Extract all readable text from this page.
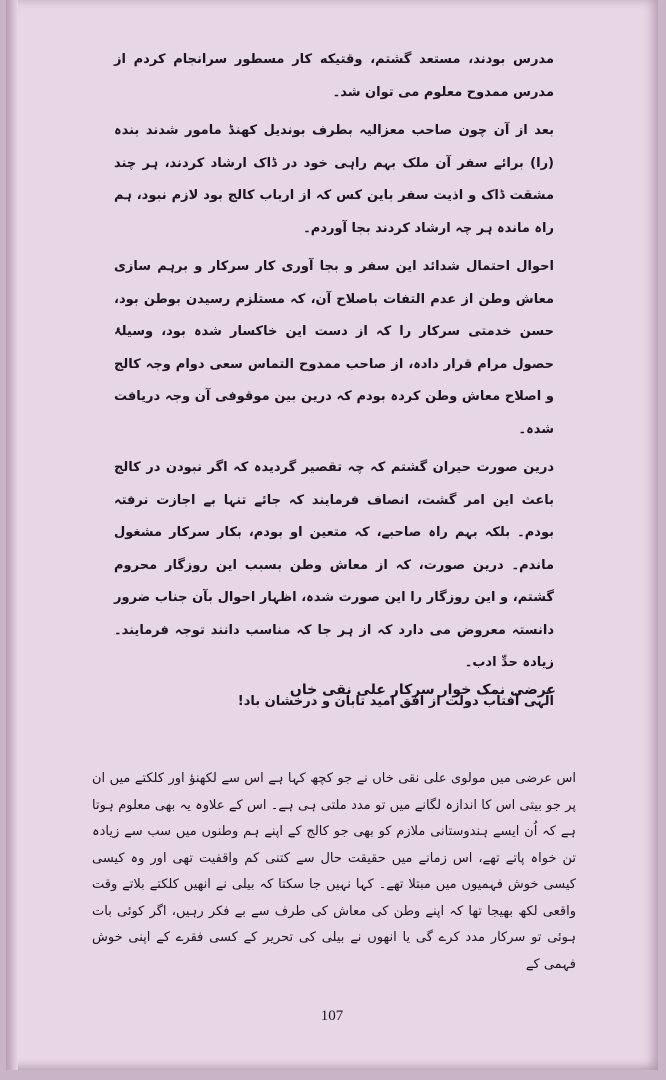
مدرس بودند، مستعد گشتم، وقتیکه کار مسطور سرانجام کردم از مدرس ممدوح معلوم می توان شد۔

بعد از آن چون صاحب معزالیہ بطرف بوندیل کھنڈ مامور شدند بندہ (را) برائے سفر آن ملک بہم راہی خود در ڈاک ارشاد کردند، ہر چند مشقت ڈاک و اذیت سفر باین کس کہ از ارباب کالج بود لازم نبود، ہم راہ ماندہ ہر چہ ارشاد کردند بجا آوردم۔

احوال احتمال شدائد این سفر و بجا آوری کار سرکار و برہم سازی معاش وطن از عدم التفات باصلاح آن، کہ مستلزم رسیدن بوطن بود، حسن خدمتی سرکار را کہ از دست این خاکسار شدہ بود، وسیلۂ حصول مرام قرار دادہ، از صاحب ممدوح التماس سعی دوام وجہ کالج و اصلاح معاش وطن کردہ بودم کہ درین بین موقوفی آن وجہ دریافت شدہ۔

درین صورت حیران گشتم کہ چہ تقصیر گردیدہ کہ اگر نبودن در کالج باعث این امر گشت، انصاف فرمایند کہ جائے تنہا بے اجازت نرفتہ بودم۔ بلکہ بہم راہ صاحبے، کہ متعین او بودم، بکار سرکار مشغول ماندم۔ درین صورت، کہ از معاش وطن بسبب این روزگار محروم گشتم، و این روزگار را این صورت شدہ، اظہار احوال بآن جناب ضرور دانستہ معروض می دارد کہ از ہر جا کہ مناسب دانند توجہ فرمایند۔ زیادہ حدِّ ادب۔

الٰہی آفتاب دولت از افق امید تابان و درخشان باد!

عرضی نمک خوار سرکار علی نقی خاں

اس عرضی میں مولوی علی نقی خاں نے جو کچھ کہا ہے اس سے لکھنؤ اور کلکتے میں ان پر جو بیتی اس کا اندازہ لگانے میں تو مدد ملتی ہی ہے۔ اس کے علاوہ یہ بھی معلوم ہوتا ہے کہ اُن ایسے ہندوستانی ملازم کو بھی جو کالج کے اپنے ہم وطنوں میں سب سے زیادہ تن خواہ پاتے تھے، اس زمانے میں حقیقت حال سے کتنی کم واقفیت تھی اور وہ کیسی کیسی خوش فہمیوں میں مبتلا تھے۔ کہا نہیں جا سکتا کہ بیلی نے انھیں کلکتے بلاتے وقت واقعی لکھ بھیجا تھا کہ اپنے وطن کی معاش کی طرف سے بے فکر رہیں، اگر کوئی بات ہوئی تو سرکار مدد کرے گی یا انھوں نے بیلی کی تحریر کے کسی فقرے کے اپنی خوش فہمی کے

107
